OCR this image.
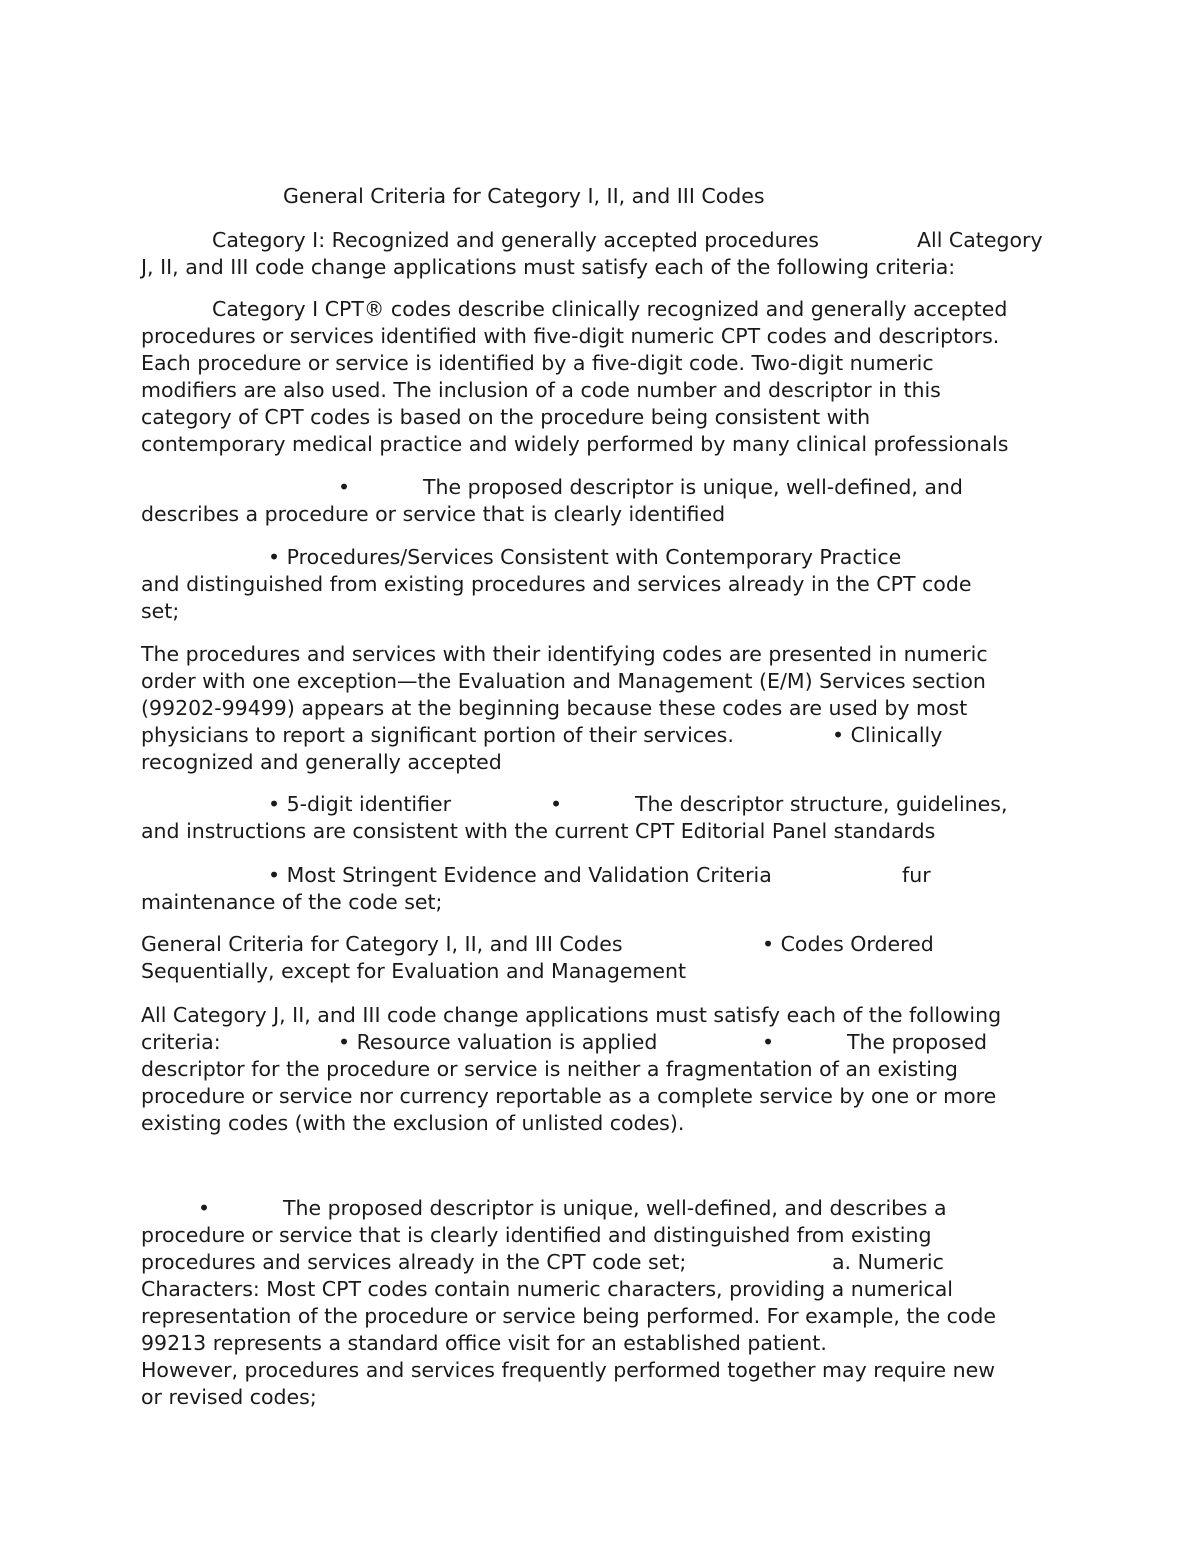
General Criteria for Category I, II, and III Codes
Category I: Recognized and generally accepted procedures	All Category
J, II, and III code change applications must satisfy each of the following criteria:
Category I CPT® codes describe clinically recognized and generally accepted
procedures or services identified with five-digit numeric CPT codes and descriptors.
Each procedure or service is identified by a five-digit code. Two-digit numeric
modifiers are also used. The inclusion of a code number and descriptor in this
category of CPT codes is based on the procedure being consistent with
contemporary medical practice and widely performed by many clinical professionals
•	The proposed descriptor is unique, well-defined, and
describes a procedure or service that is clearly identified
• Procedures/Services Consistent with Contemporary Practice
and distinguished from existing procedures and services already in the CPT code
set;
The procedures and services with their identifying codes are presented in numeric
order with one exception—the Evaluation and Management (E/M) Services section
(99202-99499) appears at the beginning because these codes are used by most
physicians to report a significant portion of their services.	• Clinically
recognized and generally accepted
• 5-digit identifier	•	The descriptor structure, guidelines,
and instructions are consistent with the current CPT Editorial Panel standards
• Most Stringent Evidence and Validation Criteria	fur
maintenance of the code set;
General Criteria for Category I, II, and III Codes	• Codes Ordered
Sequentially, except for Evaluation and Management
All Category J, II, and III code change applications must satisfy each of the following
criteria:	• Resource valuation is applied	•	The proposed
descriptor for the procedure or service is neither a fragmentation of an existing
procedure or service nor currency reportable as a complete service by one or more
existing codes (with the exclusion of unlisted codes).
•	The proposed descriptor is unique, well-defined, and describes a
procedure or service that is clearly identified and distinguished from existing
procedures and services already in the CPT code set;	a. Numeric
Characters: Most CPT codes contain numeric characters, providing a numerical
representation of the procedure or service being performed. For example, the code
99213 represents a standard office visit for an established patient.
However, procedures and services frequently performed together may require new
or revised codes;
